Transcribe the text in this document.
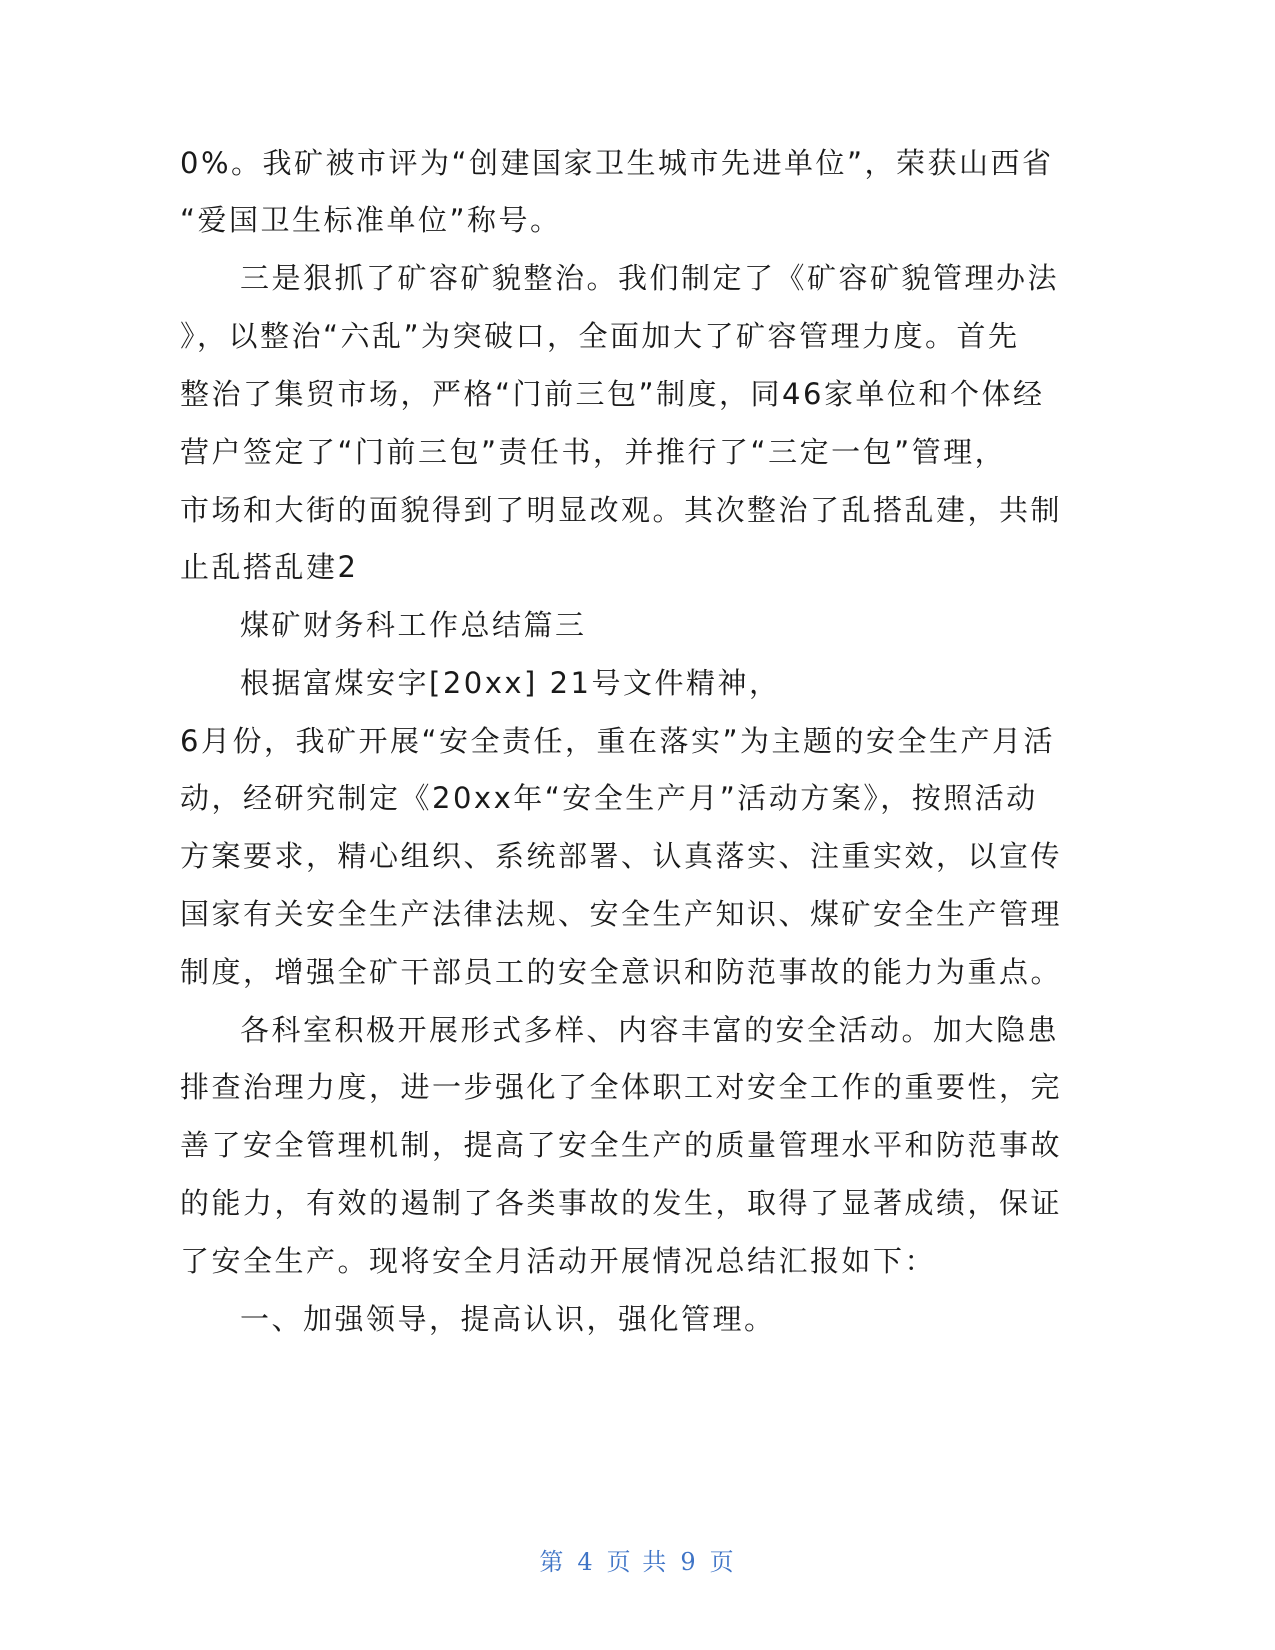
0%。我矿被市评为“创建国家卫生城市先进单位”，荣获山西省
“爱国卫生标准单位”称号。
三是狠抓了矿容矿貌整治。我们制定了《矿容矿貌管理办法
》，以整治“六乱”为突破口，全面加大了矿容管理力度。首先
整治了集贸市场，严格“门前三包”制度，同46家单位和个体经
营户签定了“门前三包”责任书，并推行了“三定一包”管理，
市场和大街的面貌得到了明显改观。其次整治了乱搭乱建，共制
止乱搭乱建2
煤矿财务科工作总结篇三
根据富煤安字[20xx] 21号文件精神，
6月份，我矿开展“安全责任，重在落实”为主题的安全生产月活
动，经研究制定《20xx年“安全生产月”活动方案》，按照活动
方案要求，精心组织、系统部署、认真落实、注重实效，以宣传
国家有关安全生产法律法规、安全生产知识、煤矿安全生产管理
制度，增强全矿干部员工的安全意识和防范事故的能力为重点。
各科室积极开展形式多样、内容丰富的安全活动。加大隐患
排查治理力度，进一步强化了全体职工对安全工作的重要性，完
善了安全管理机制，提高了安全生产的质量管理水平和防范事故
的能力，有效的遏制了各类事故的发生，取得了显著成绩，保证
了安全生产。现将安全月活动开展情况总结汇报如下：
一、加强领导，提高认识，强化管理。
第 4 页 共 9 页
